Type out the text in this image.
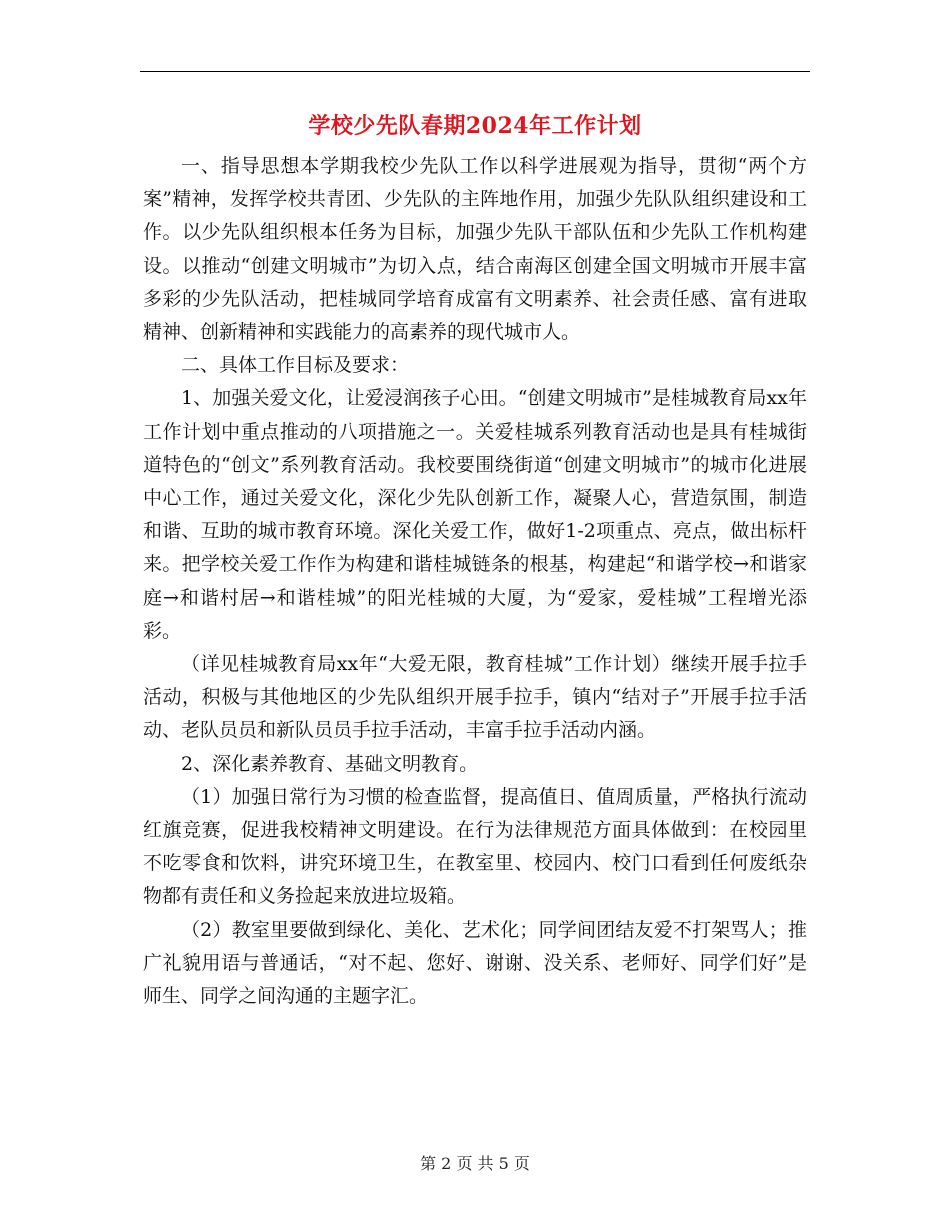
学校少先队春期2024年工作计划

一、指导思想本学期我校少先队工作以科学进展观为指导，贯彻“两个方案”精神，发挥学校共青团、少先队的主阵地作用，加强少先队队组织建设和工作。以少先队组织根本任务为目标，加强少先队干部队伍和少先队工作机构建设。以推动“创建文明城市”为切入点，结合南海区创建全国文明城市开展丰富多彩的少先队活动，把桂城同学培育成富有文明素养、社会责任感、富有进取精神、创新精神和实践能力的高素养的现代城市人。

二、具体工作目标及要求：

1、加强关爱文化，让爱浸润孩子心田。“创建文明城市”是桂城教育局xx年工作计划中重点推动的八项措施之一。关爱桂城系列教育活动也是具有桂城街道特色的“创文”系列教育活动。我校要围绕街道“创建文明城市”的城市化进展中心工作，通过关爱文化，深化少先队创新工作，凝聚人心，营造氛围，制造和谐、互助的城市教育环境。深化关爱工作，做好1-2项重点、亮点，做出标杆来。把学校关爱工作作为构建和谐桂城链条的根基，构建起“和谐学校→和谐家庭→和谐村居→和谐桂城”的阳光桂城的大厦，为“爱家，爱桂城”工程增光添彩。

（详见桂城教育局xx年“大爱无限，教育桂城”工作计划）继续开展手拉手活动，积极与其他地区的少先队组织开展手拉手，镇内“结对子”开展手拉手活动、老队员员和新队员员手拉手活动，丰富手拉手活动内涵。

2、深化素养教育、基础文明教育。

（1）加强日常行为习惯的检查监督，提高值日、值周质量，严格执行流动红旗竞赛，促进我校精神文明建设。在行为法律规范方面具体做到：在校园里不吃零食和饮料，讲究环境卫生，在教室里、校园内、校门口看到任何废纸杂物都有责任和义务捡起来放进垃圾箱。

（2）教室里要做到绿化、美化、艺术化；同学间团结友爱不打架骂人；推广礼貌用语与普通话，“对不起、您好、谢谢、没关系、老师好、同学们好”是师生、同学之间沟通的主题字汇。

第 2 页 共 5 页
